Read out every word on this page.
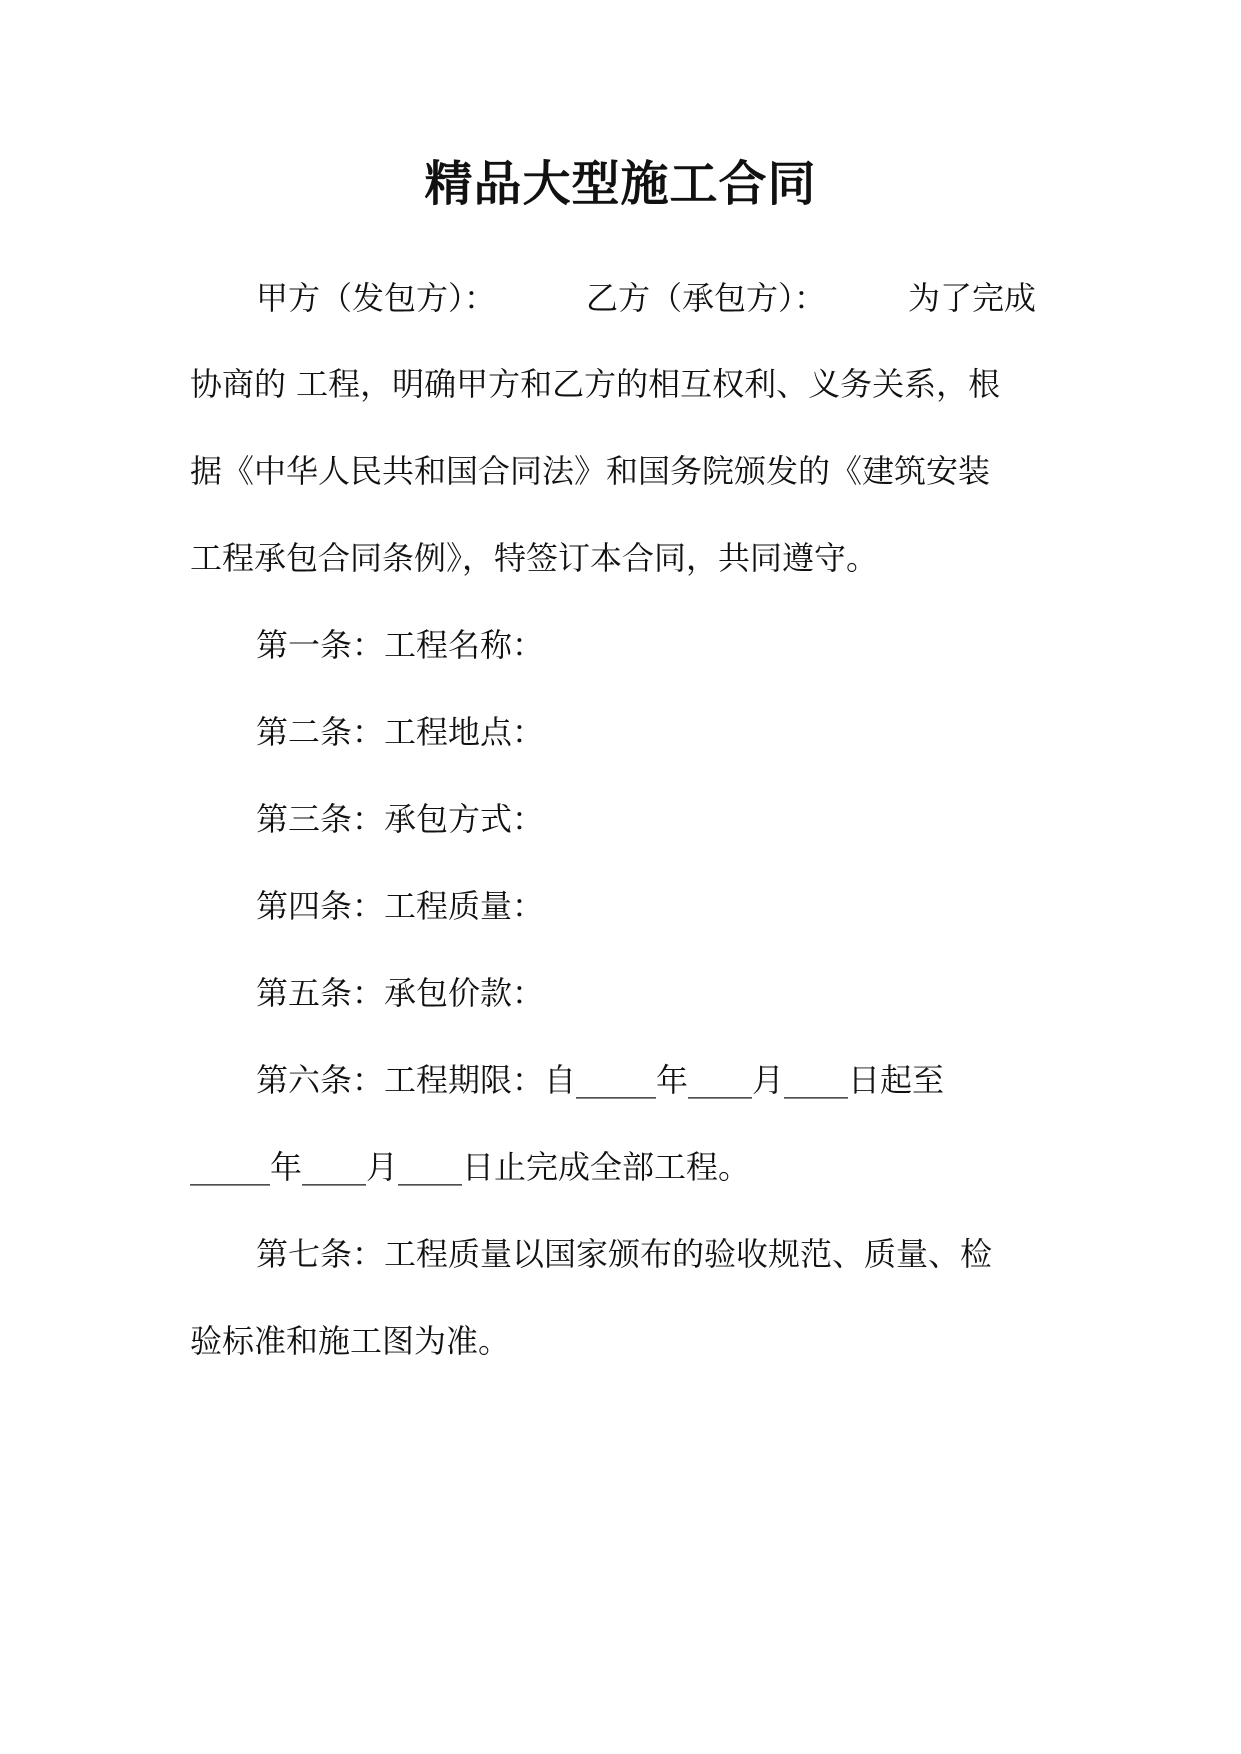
精品大型施工合同

甲方（发包方）：	乙方（承包方）：	为了完成

协商的 工程，明确甲方和乙方的相互权利、义务关系，根

据《中华人民共和国合同法》和国务院颁发的《建筑安装

工程承包合同条例》，特签订本合同，共同遵守。

第一条：工程名称：

第二条：工程地点：

第三条：承包方式：

第四条：工程质量：

第五条：承包价款：

第六条：工程期限：自_____年____月____日起至

_____年____月____日止完成全部工程。

第七条：工程质量以国家颁布的验收规范、质量、检

验标准和施工图为准。
